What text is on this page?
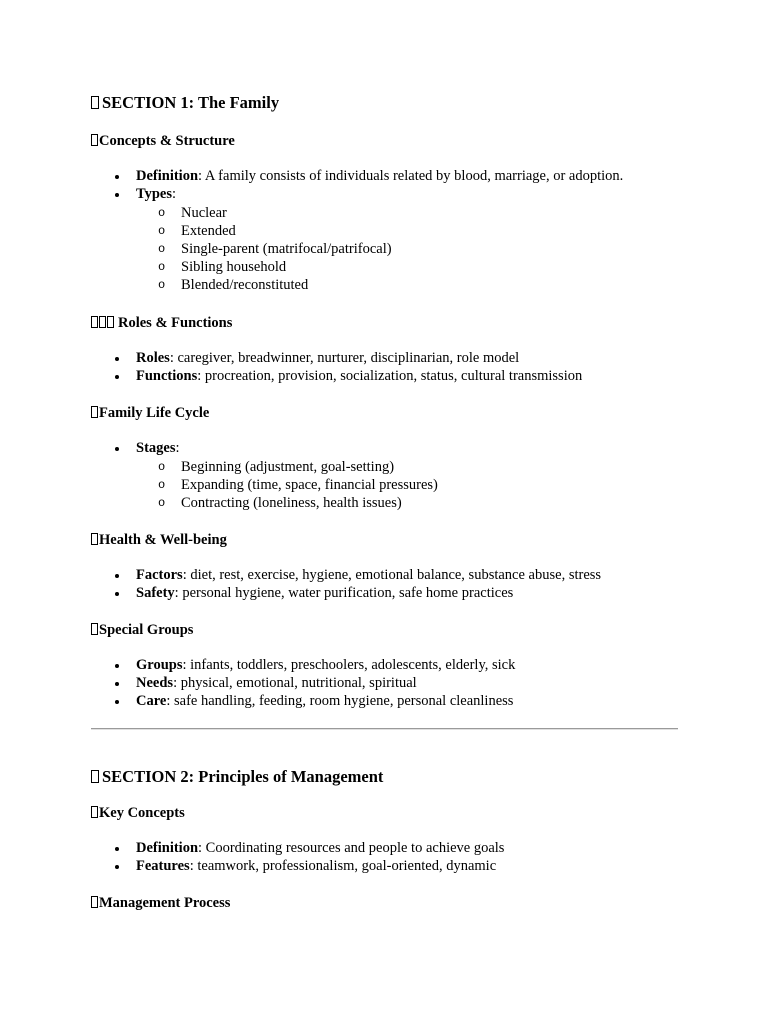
SECTION 1: The Family
Concepts & Structure
Definition: A family consists of individuals related by blood, marriage, or adoption.
Types:
o Nuclear
o Extended
o Single-parent (matrifocal/patrifocal)
o Sibling household
o Blended/reconstituted
Roles & Functions
Roles: caregiver, breadwinner, nurturer, disciplinarian, role model
Functions: procreation, provision, socialization, status, cultural transmission
Family Life Cycle
Stages:
o Beginning (adjustment, goal-setting)
o Expanding (time, space, financial pressures)
o Contracting (loneliness, health issues)
Health & Well-being
Factors: diet, rest, exercise, hygiene, emotional balance, substance abuse, stress
Safety: personal hygiene, water purification, safe home practices
Special Groups
Groups: infants, toddlers, preschoolers, adolescents, elderly, sick
Needs: physical, emotional, nutritional, spiritual
Care: safe handling, feeding, room hygiene, personal cleanliness
SECTION 2: Principles of Management
Key Concepts
Definition: Coordinating resources and people to achieve goals
Features: teamwork, professionalism, goal-oriented, dynamic
Management Process
